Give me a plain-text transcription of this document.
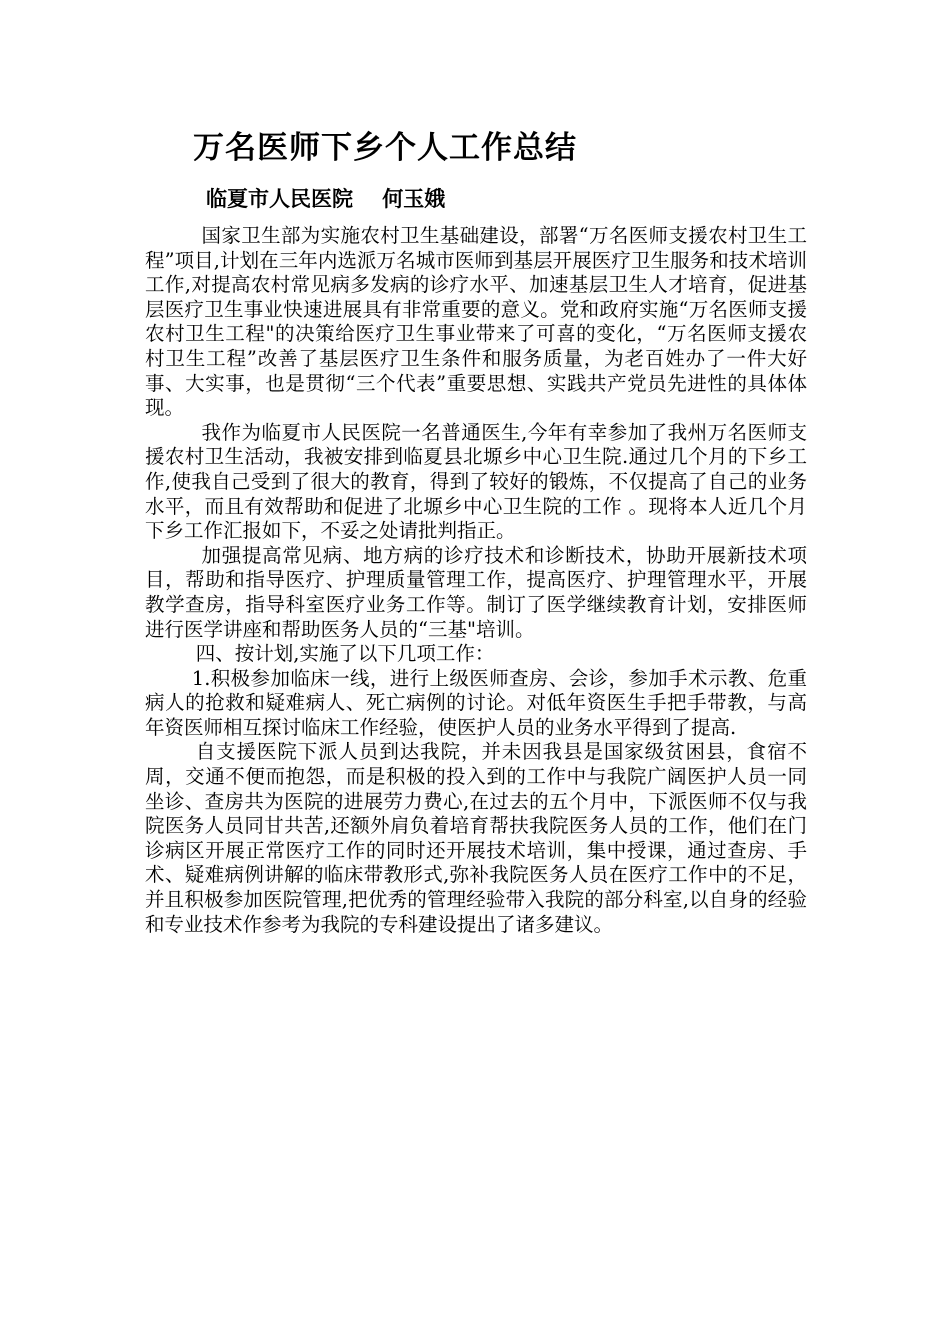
万名医师下乡个人工作总结
临夏市人民医院    何玉娥

国家卫生部为实施农村卫生基础建设，部署“万名医师支援农村卫生工程”项目,计划在三年内选派万名城市医师到基层开展医疗卫生服务和技术培训工作,对提高农村常见病多发病的诊疗水平、加速基层卫生人才培育，促进基层医疗卫生事业快速进展具有非常重要的意义。党和政府实施“万名医师支援农村卫生工程"的决策给医疗卫生事业带来了可喜的变化，“万名医师支援农村卫生工程”改善了基层医疗卫生条件和服务质量，为老百姓办了一件大好事、大实事，也是贯彻“三个代表”重要思想、实践共产党员先进性的具体体现。

我作为临夏市人民医院一名普通医生,今年有幸参加了我州万名医师支援农村卫生活动，我被安排到临夏县北塬乡中心卫生院.通过几个月的下乡工作,使我自己受到了很大的教育，得到了较好的锻炼，不仅提高了自己的业务水平，而且有效帮助和促进了北塬乡中心卫生院的工作 。现将本人近几个月下乡工作汇报如下，不妥之处请批判指正。

加强提高常见病、地方病的诊疗技术和诊断技术，协助开展新技术项目，帮助和指导医疗、护理质量管理工作，提高医疗、护理管理水平，开展教学查房，指导科室医疗业务工作等。制订了医学继续教育计划，安排医师进行医学讲座和帮助医务人员的“三基"培训。

四、按计划,实施了以下几项工作：

1.积极参加临床一线，进行上级医师查房、会诊，参加手术示教、危重病人的抢救和疑难病人、死亡病例的讨论。对低年资医生手把手带教，与高年资医师相互探讨临床工作经验，使医护人员的业务水平得到了提高.

自支援医院下派人员到达我院，并未因我县是国家级贫困县，食宿不周，交通不便而抱怨，而是积极的投入到的工作中与我院广阔医护人员一同坐诊、查房共为医院的进展劳力费心,在过去的五个月中，下派医师不仅与我院医务人员同甘共苦,还额外肩负着培育帮扶我院医务人员的工作，他们在门诊病区开展正常医疗工作的同时还开展技术培训，集中授课，通过查房、手术、疑难病例讲解的临床带教形式,弥补我院医务人员在医疗工作中的不足，并且积极参加医院管理,把优秀的管理经验带入我院的部分科室,以自身的经验和专业技术作参考为我院的专科建设提出了诸多建议。
